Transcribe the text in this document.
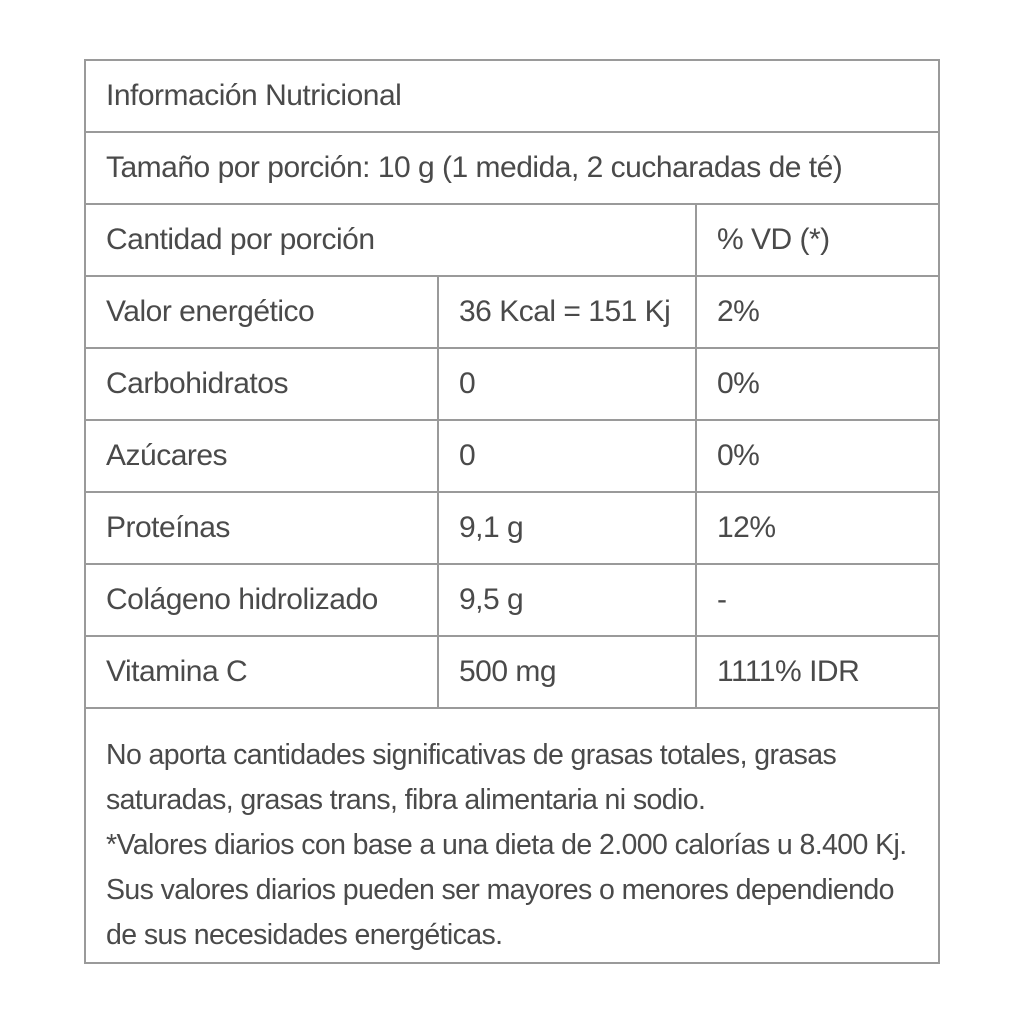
Información Nutricional
Tamaño por porción: 10 g (1 medida, 2 cucharadas de té)
Cantidad por porción	% VD (*)
Valor energético	36 Kcal = 151 Kj	2%
Carbohidratos	0	0%
Azúcares	0	0%
Proteínas	9,1 g	12%
Colágeno hidrolizado	9,5 g	-
Vitamina C	500 mg	1111% IDR

No aporta cantidades significativas de grasas totales, grasas saturadas, grasas trans, fibra alimentaria ni sodio.

*Valores diarios con base a una dieta de 2.000 calorías u 8.400 Kj. Sus valores diarios pueden ser mayores o menores dependiendo de sus necesidades energéticas.
